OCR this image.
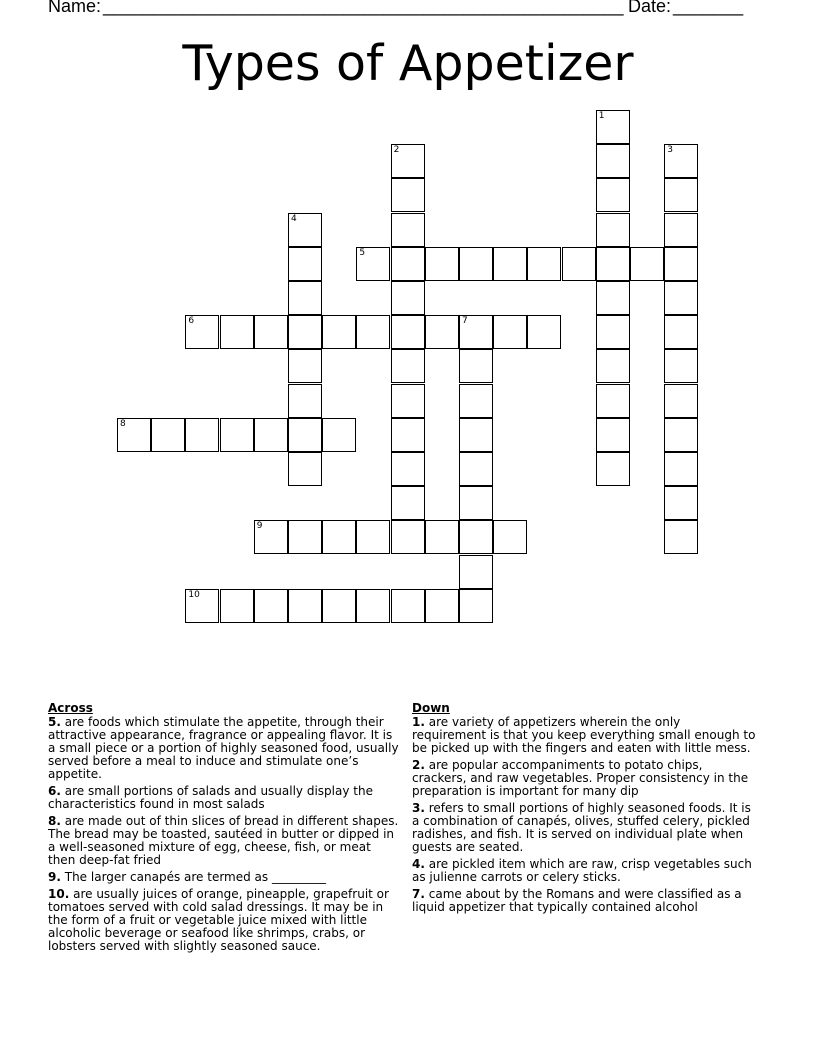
Name: ____________________________________________________ Date: _______
Types of Appetizer
1
2	3
4
5
6	7
8
9
10
Across
5. are foods which stimulate the appetite, through their attractive appearance, fragrance or appealing flavor. It is a small piece or a portion of highly seasoned food, usually served before a meal to induce and stimulate one’s appetite.
6. are small portions of salads and usually display the characteristics found in most salads
8. are made out of thin slices of bread in different shapes. The bread may be toasted, sautéed in butter or dipped in a well-seasoned mixture of egg, cheese, fish, or meat then deep-fat fried
9. The larger canapés are termed as _________
10. are usually juices of orange, pineapple, grapefruit or tomatoes served with cold salad dressings. It may be in the form of a fruit or vegetable juice mixed with little alcoholic beverage or seafood like shrimps, crabs, or lobsters served with slightly seasoned sauce.
Down
1. are variety of appetizers wherein the only requirement is that you keep everything small enough to be picked up with the fingers and eaten with little mess.
2. are popular accompaniments to potato chips, crackers, and raw vegetables. Proper consistency in the preparation is important for many dip
3. refers to small portions of highly seasoned foods. It is a combination of canapés, olives, stuffed celery, pickled radishes, and fish. It is served on individual plate when guests are seated.
4. are pickled item which are raw, crisp vegetables such as julienne carrots or celery sticks.
7. came about by the Romans and were classified as a liquid appetizer that typically contained alcohol
